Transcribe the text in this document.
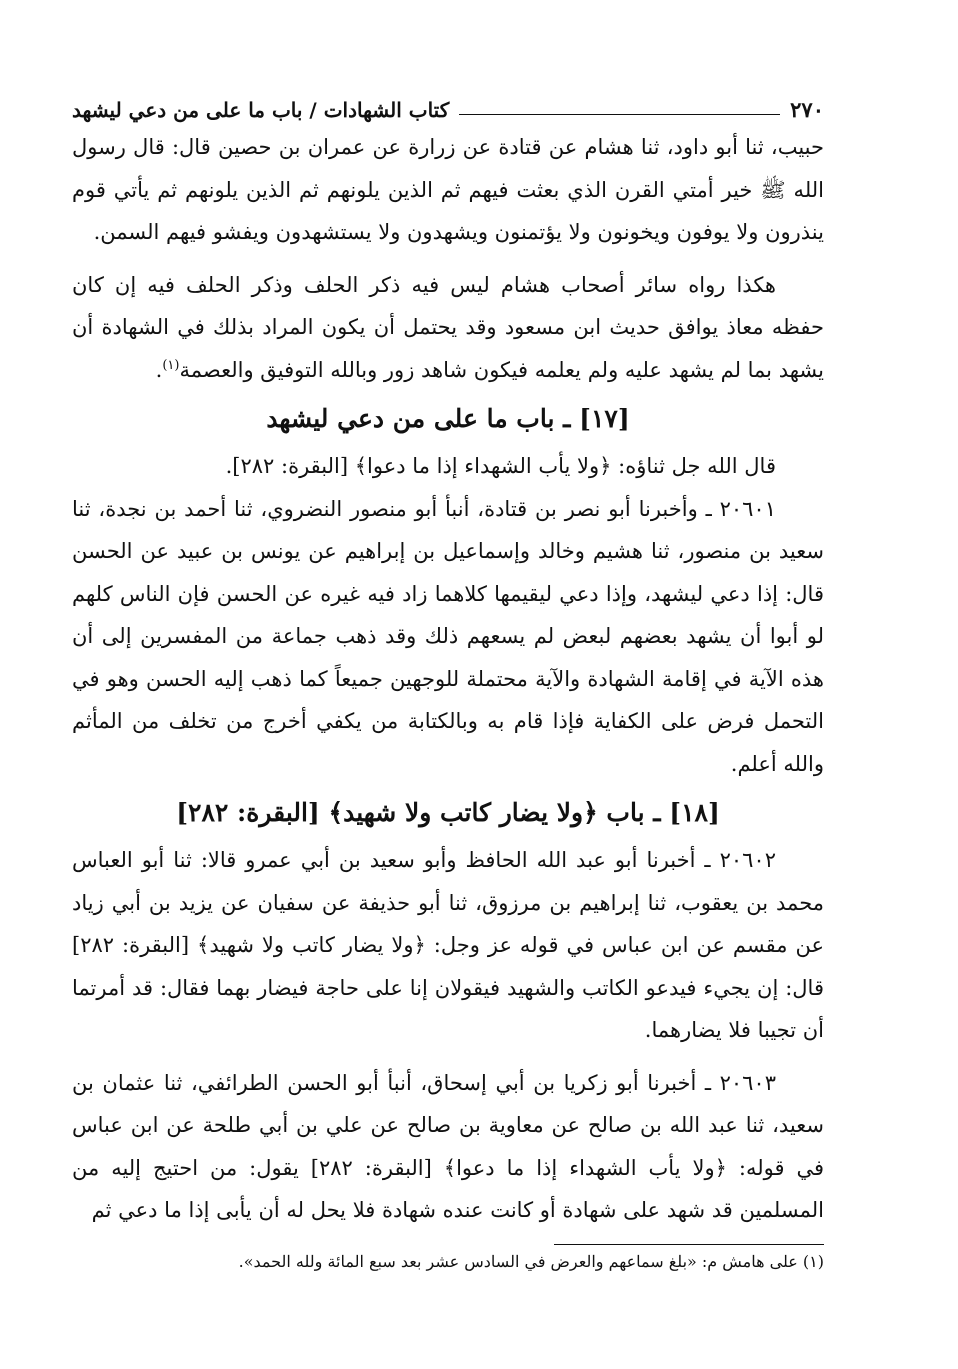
٢٧٠
كتاب الشهادات / باب ما على من دعي ليشهد

حبيب، ثنا أبو داود، ثنا هشام عن قتادة عن زرارة عن عمران بن حصين قال: قال رسول الله ﷺ خير أمتي القرن الذي بعثت فيهم ثم الذين يلونهم ثم الذين يلونهم ثم يأتي قوم ينذرون ولا يوفون ويخونون ولا يؤتمنون ويشهدون ولا يستشهدون ويفشو فيهم السمن.

هكذا رواه سائر أصحاب هشام ليس فيه ذكر الحلف وذكر الحلف فيه إن كان حفظه معاذ يوافق حديث ابن مسعود وقد يحتمل أن يكون المراد بذلك في الشهادة أن يشهد بما لم يشهد عليه ولم يعلمه فيكون شاهد زور وبالله التوفيق والعصمة$^{(١)}$.

[١٧] ـ باب ما على من دعي ليشهد

قال الله جل ثناؤه: ﴿ولا يأب الشهداء إذا ما دعوا﴾ [البقرة: ٢٨٢].

٢٠٦٠١ ـ وأخبرنا أبو نصر بن قتادة، أنبأ أبو منصور النضروي، ثنا أحمد بن نجدة، ثنا سعيد بن منصور، ثنا هشيم وخالد وإسماعيل بن إبراهيم عن يونس بن عبيد عن الحسن قال: إذا دعي ليشهد، وإذا دعي ليقيمها كلاهما زاد فيه غيره عن الحسن فإن الناس كلهم لو أبوا أن يشهد بعضهم لبعض لم يسعهم ذلك وقد ذهب جماعة من المفسرين إلى أن هذه الآية في إقامة الشهادة والآية محتملة للوجهين جميعاً كما ذهب إليه الحسن وهو في التحمل فرض على الكفاية فإذا قام به وبالكتابة من يكفي أخرج من تخلف من المأثم والله أعلم.

[١٨] ـ باب ﴿ولا يضار كاتب ولا شهيد﴾ [البقرة: ٢٨٢]

٢٠٦٠٢ ـ أخبرنا أبو عبد الله الحافظ وأبو سعيد بن أبي عمرو قالا: ثنا أبو العباس محمد بن يعقوب، ثنا إبراهيم بن مرزوق، ثنا أبو حذيفة عن سفيان عن يزيد بن أبي زياد عن مقسم عن ابن عباس في قوله عز وجل: ﴿ولا يضار كاتب ولا شهيد﴾ [البقرة: ٢٨٢] قال: إن يجيء فيدعو الكاتب والشهيد فيقولان إنا على حاجة فيضار بهما فقال: قد أمرتما أن تجيبا فلا يضارهما.

٢٠٦٠٣ ـ أخبرنا أبو زكريا بن أبي إسحاق، أنبأ أبو الحسن الطرائفي، ثنا عثمان بن سعيد، ثنا عبد الله بن صالح عن معاوية بن صالح عن علي بن أبي طلحة عن ابن عباس في قوله: ﴿ولا يأب الشهداء إذا ما دعوا﴾ [البقرة: ٢٨٢] يقول: من احتيج إليه من المسلمين قد شهد على شهادة أو كانت عنده شهادة فلا يحل له أن يأبى إذا ما دعي ثم

(١) على هامش م: «بلغ سماعهم والعرض في السادس عشر بعد سبع المائة ولله الحمد».
